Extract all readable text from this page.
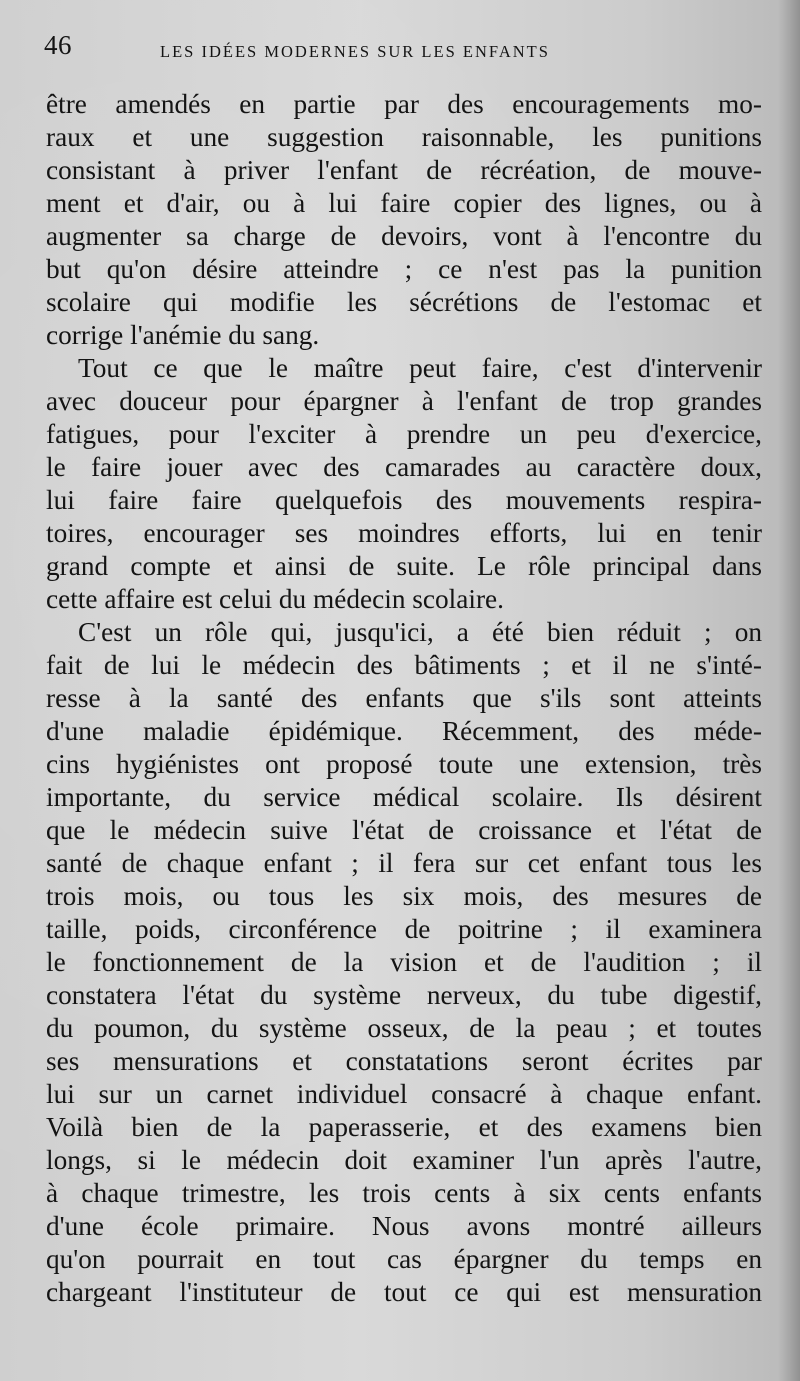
46	LES IDÉES MODERNES SUR LES ENFANTS
être amendés en partie par des encouragements mo-
raux et une suggestion raisonnable, les punitions
consistant à priver l'enfant de récréation, de mouve-
ment et d'air, ou à lui faire copier des lignes, ou à
augmenter sa charge de devoirs, vont à l'encontre du
but qu'on désire atteindre ; ce n'est pas la punition
scolaire qui modifie les sécrétions de l'estomac et
corrige l'anémie du sang.
Tout ce que le maître peut faire, c'est d'intervenir
avec douceur pour épargner à l'enfant de trop grandes
fatigues, pour l'exciter à prendre un peu d'exercice,
le faire jouer avec des camarades au caractère doux,
lui faire faire quelquefois des mouvements respira-
toires, encourager ses moindres efforts, lui en tenir
grand compte et ainsi de suite. Le rôle principal dans
cette affaire est celui du médecin scolaire.
C'est un rôle qui, jusqu'ici, a été bien réduit ; on
fait de lui le médecin des bâtiments ; et il ne s'inté-
resse à la santé des enfants que s'ils sont atteints
d'une maladie épidémique. Récemment, des méde-
cins hygiénistes ont proposé toute une extension, très
importante, du service médical scolaire. Ils désirent
que le médecin suive l'état de croissance et l'état de
santé de chaque enfant ; il fera sur cet enfant tous les
trois mois, ou tous les six mois, des mesures de
taille, poids, circonférence de poitrine ; il examinera
le fonctionnement de la vision et de l'audition ; il
constatera l'état du système nerveux, du tube digestif,
du poumon, du système osseux, de la peau ; et toutes
ses mensurations et constatations seront écrites par
lui sur un carnet individuel consacré à chaque enfant.
Voilà bien de la paperasserie, et des examens bien
longs, si le médecin doit examiner l'un après l'autre,
à chaque trimestre, les trois cents à six cents enfants
d'une école primaire. Nous avons montré ailleurs
qu'on pourrait en tout cas épargner du temps en
chargeant l'instituteur de tout ce qui est mensuration
